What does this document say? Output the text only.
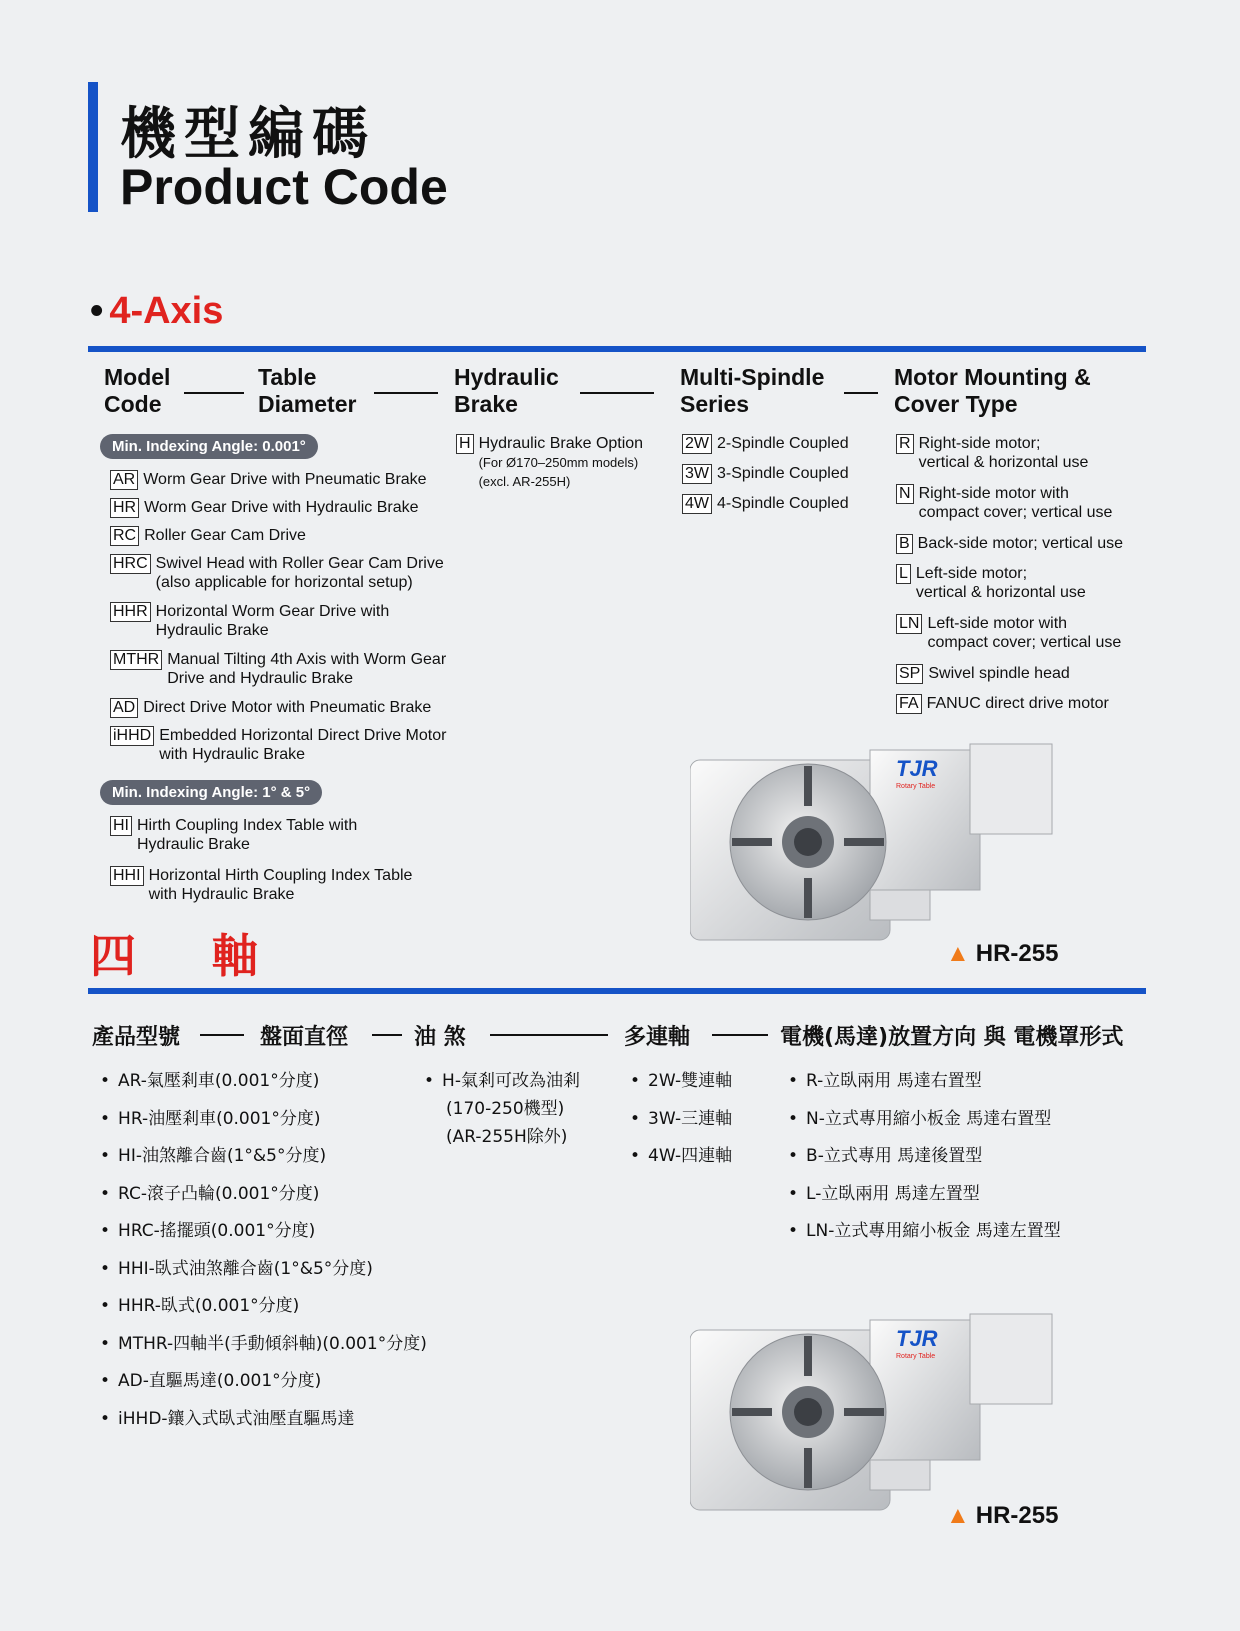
機型編碼
Product Code
• 4-Axis
Model
Code
Table
Diameter
Hydraulic
Brake
Multi-Spindle
Series
Motor Mounting &
Cover Type
Min. Indexing Angle: 0.001°
AR Worm Gear Drive with Pneumatic Brake
HR Worm Gear Drive with Hydraulic Brake
RC Roller Gear Cam Drive
HRC Swivel Head with Roller Gear Cam Drive
(also applicable for horizontal setup)
HHR Horizontal Worm Gear Drive with
Hydraulic Brake
MTHR Manual Tilting 4th Axis with Worm Gear
Drive and Hydraulic Brake
AD Direct Drive Motor with Pneumatic Brake
iHHD Embedded Horizontal Direct Drive Motor
with Hydraulic Brake
Min. Indexing Angle: 1° & 5°
HI Hirth Coupling Index Table with
Hydraulic Brake
HHI Horizontal Hirth Coupling Index Table
with Hydraulic Brake
H Hydraulic Brake Option
(For Ø170–250mm models)
(excl. AR-255H)
2W 2-Spindle Coupled
3W 3-Spindle Coupled
4W 4-Spindle Coupled
R Right-side motor;
vertical & horizontal use
N Right-side motor with
compact cover; vertical use
B Back-side motor; vertical use
L Left-side motor;
vertical & horizontal use
LN Left-side motor with
compact cover; vertical use
SP Swivel spindle head
FA FANUC direct drive motor
TJR
Rotary Table
▲ HR-255
四 軸
產品型號	盤面直徑	油 煞	多連軸	電機(馬達)放置方向 與 電機罩形式
• AR-氣壓剎車(0.001°分度)
• HR-油壓剎車(0.001°分度)
• HI-油煞離合齒(1°&5°分度)
• RC-滾子凸輪(0.001°分度)
• HRC-搖擺頭(0.001°分度)
• HHI-臥式油煞離合齒(1°&5°分度)
• HHR-臥式(0.001°分度)
• MTHR-四軸半(手動傾斜軸)(0.001°分度)
• AD-直驅馬達(0.001°分度)
• iHHD-鑲入式臥式油壓直驅馬達
• H-氣剎可改為油剎
(170-250機型)
(AR-255H除外)
• 2W-雙連軸
• 3W-三連軸
• 4W-四連軸
• R-立臥兩用 馬達右置型
• N-立式專用縮小板金 馬達右置型
• B-立式專用 馬達後置型
• L-立臥兩用 馬達左置型
• LN-立式專用縮小板金 馬達左置型
TJR
Rotary Table
▲ HR-255
